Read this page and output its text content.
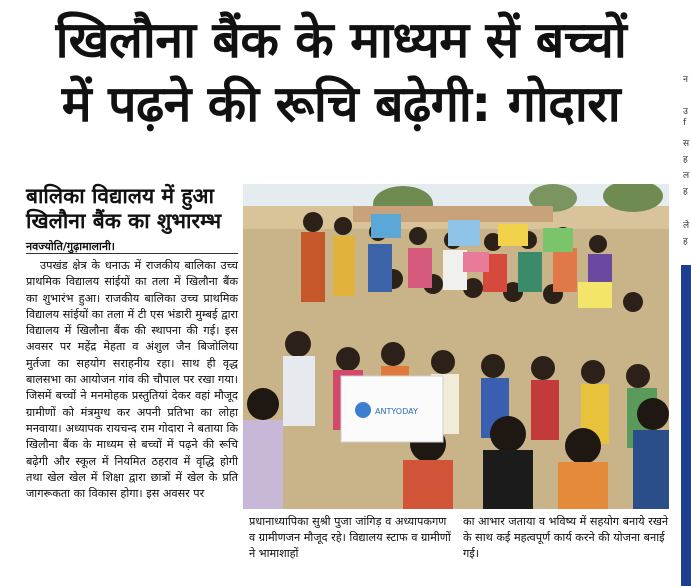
खिलौना बैंक के माध्यम सें बच्चों
में पढ़ने की रूचि बढ़ेगी: गोदारा	न
उ
f
स
ह
ल
ह
ले
ह
बालिका विद्यालय में हुआ
खिलौना बैंक का शुभारम्भ
नवज्योति/गुढ़ामालानी।

उपखंड क्षेत्र के धनाऊ में राजकीय बालिका उच्च प्राथमिक विद्यालय सांईयों का तला में खिलौना बैंक का शुभारंभ हुआ। राजकीय बालिका उच्च प्राथमिक विद्यालय सांईयों का तला में टी एस भंडारी मुम्बई द्वारा विद्यालय में खिलौना बैंक की स्थापना की गई। इस अवसर पर महेंद्र मेहता व अंशुल जैन बिजोलिया मुर्तजा का सहयोग सराहनीय रहा। साथ ही वृद्ध बालसभा का आयोजन गांव की चौपाल पर रखा गया। जिसमें बच्चों ने मनमोहक प्रस्तुतियां देकर वहां मौजूद ग्रामीणों को मंत्रमुग्ध कर अपनी प्रतिभा का लोहा मनवाया। अध्यापक रायचन्द राम गोदारा ने बताया कि खिलौना बैंक के माध्यम से बच्चों में पढ़ने की रूचि बढ़ेगी और स्कूल में नियमित ठहराव में वृद्धि होगी तथा खेल खेल में शिक्षा द्वारा छात्रों में खेल के प्रति जागरूकता का विकास होगा। इस अवसर पर

ANTYODAY
प्रधानाध्यापिका सुश्री पुजा जांगिड़ व अध्यापकगण व ग्रामीणजन मौजूद रहे। विद्यालय स्टाफ व ग्रामीणों ने भामाशाहों
का आभार जताया व भविष्य में सहयोग बनाये रखने के साथ कई महत्वपूर्ण कार्य करने की योजना बनाई गई।
